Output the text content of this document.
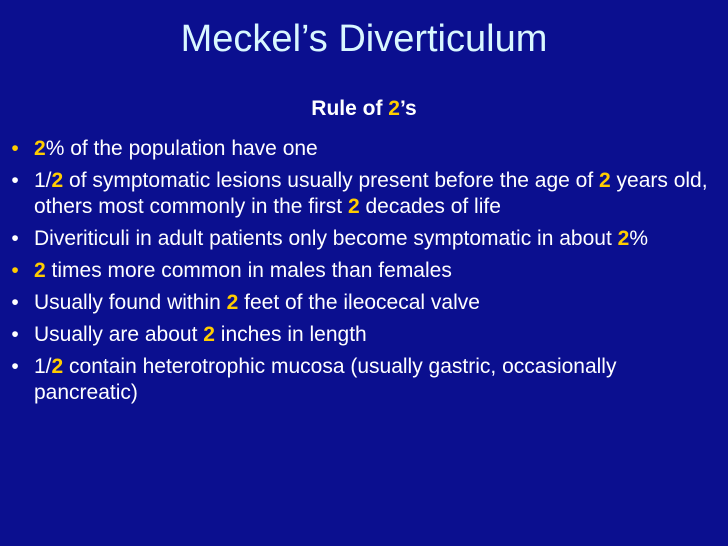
Meckel’s Diverticulum
Rule of 2’s
• 2% of the population have one
• 1/2 of symptomatic lesions usually present before the age of 2 years old, others most commonly in the first 2 decades of life
• Diveriticuli in adult patients only become symptomatic in about 2%
• 2 times more common in males than females
• Usually found within 2 feet of the ileocecal valve
• Usually are about 2 inches in length
• 1/2 contain heterotrophic mucosa (usually gastric, occasionally pancreatic)
